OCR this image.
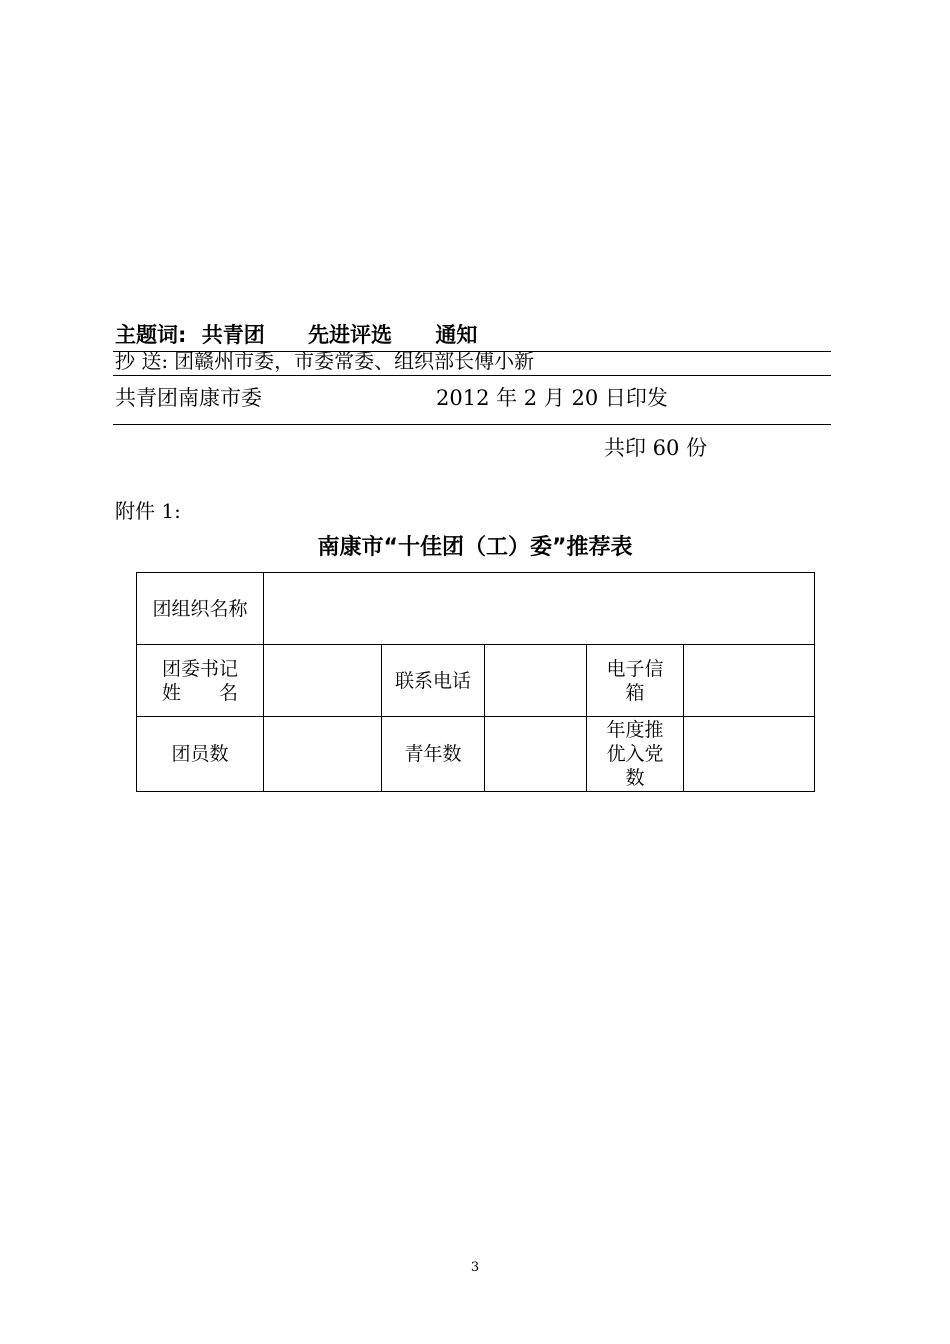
主题词: 共青团 先进评选 通知
抄 送: 团赣州市委，市委常委、组织部长傅小新
共青团南康市委	2012 年 2 月 20 日印发
共印 60 份
附件 1:
南康市“十佳团（工）委”推荐表
团组织名称					
团委书记
姓　　名		联系电话		电子信箱	
团员数		青年数		年度推优入党数	
3
